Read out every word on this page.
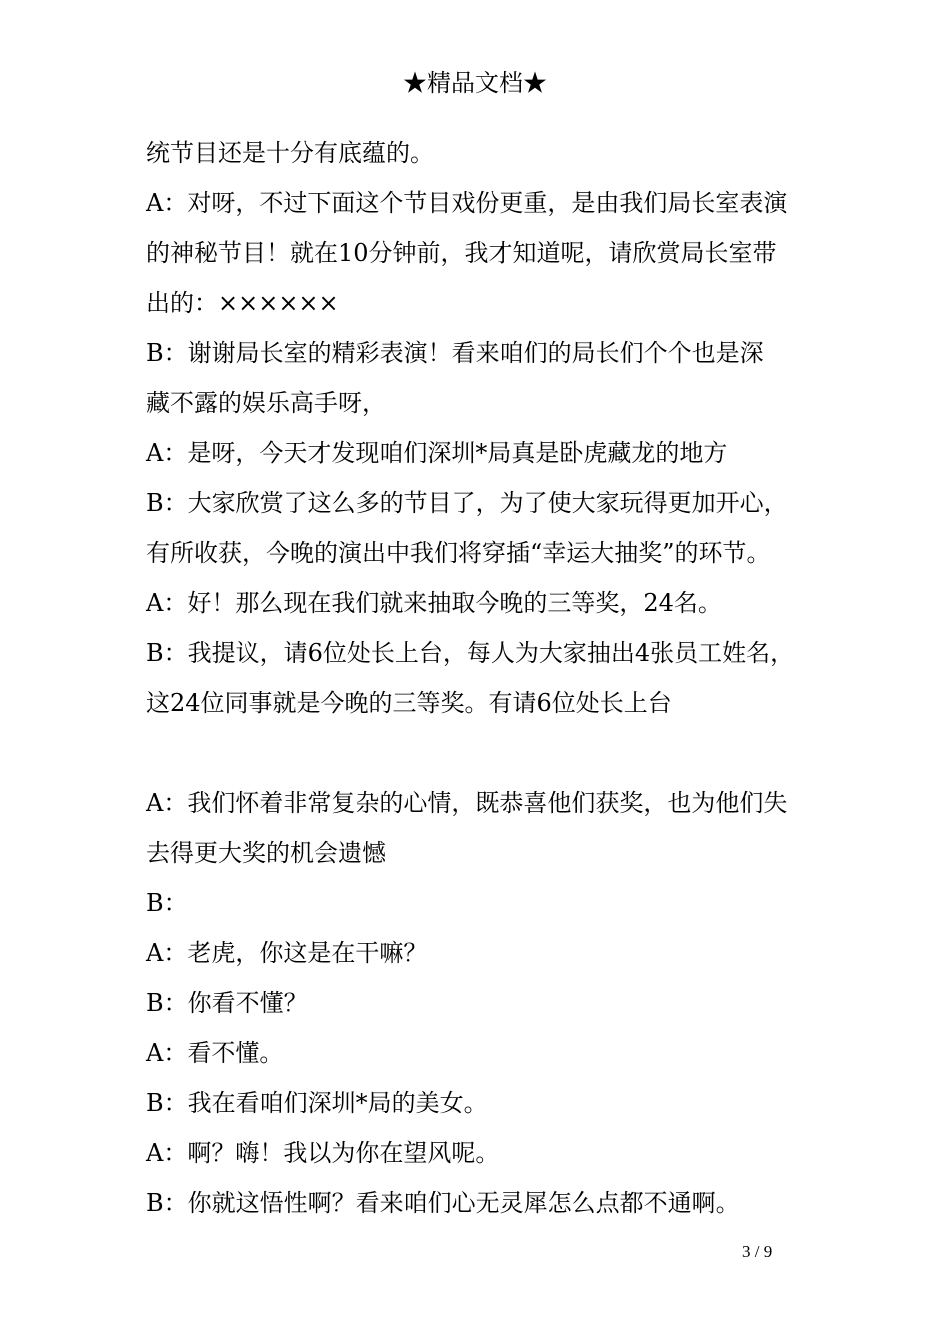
★精品文档★
统节目还是十分有底蕴的。
A：对呀，不过下面这个节目戏份更重，是由我们局长室表演
的神秘节目！就在10分钟前，我才知道呢，请欣赏局长室带
出的：××××××
B：谢谢局长室的精彩表演！看来咱们的局长们个个也是深
藏不露的娱乐高手呀，
A：是呀，今天才发现咱们深圳*局真是卧虎藏龙的地方
B：大家欣赏了这么多的节目了，为了使大家玩得更加开心，
有所收获，今晚的演出中我们将穿插“幸运大抽奖”的环节。
A：好！那么现在我们就来抽取今晚的三等奖，24名。
B：我提议，请6位处长上台，每人为大家抽出4张员工姓名，
这24位同事就是今晚的三等奖。有请6位处长上台
A：我们怀着非常复杂的心情，既恭喜他们获奖，也为他们失
去得更大奖的机会遗憾
B：
A：老虎，你这是在干嘛？
B：你看不懂？
A：看不懂。
B：我在看咱们深圳*局的美女。
A：啊？嗨！我以为你在望风呢。
B：你就这悟性啊？看来咱们心无灵犀怎么点都不通啊。
3 / 9
